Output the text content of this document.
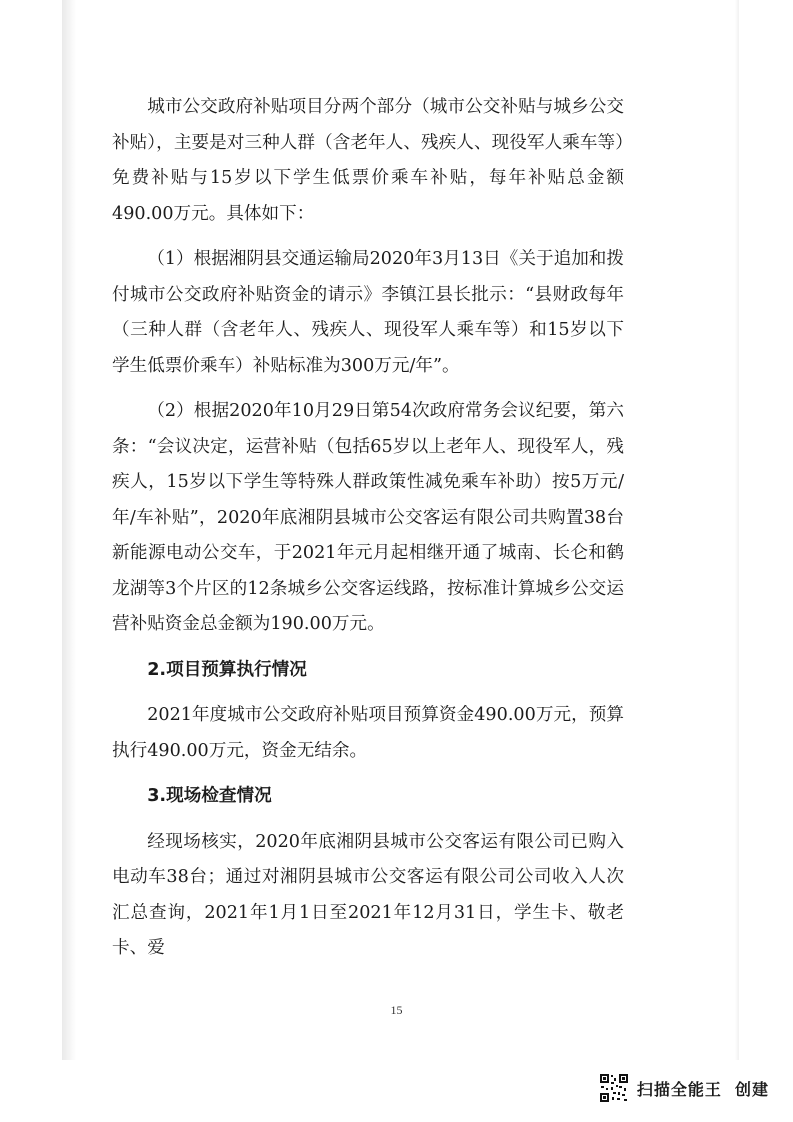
城市公交政府补贴项目分两个部分（城市公交补贴与城乡公交补贴），主要是对三种人群（含老年人、残疾人、现役军人乘车等）免费补贴与15岁以下学生低票价乘车补贴，每年补贴总金额490.00万元。具体如下：

（1）根据湘阴县交通运输局2020年3月13日《关于追加和拨付城市公交政府补贴资金的请示》李镇江县长批示：“县财政每年（三种人群（含老年人、残疾人、现役军人乘车等）和15岁以下学生低票价乘车）补贴标准为300万元/年”。

（2）根据2020年10月29日第54次政府常务会议纪要，第六条：“会议决定，运营补贴（包括65岁以上老年人、现役军人，残疾人，15岁以下学生等特殊人群政策性减免乘车补助）按5万元/年/车补贴”，2020年底湘阴县城市公交客运有限公司共购置38台新能源电动公交车，于2021年元月起相继开通了城南、长仑和鹤龙湖等3个片区的12条城乡公交客运线路，按标准计算城乡公交运营补贴资金总金额为190.00万元。

2.项目预算执行情况

2021年度城市公交政府补贴项目预算资金490.00万元，预算执行490.00万元，资金无结余。

3.现场检查情况

经现场核实，2020年底湘阴县城市公交客运有限公司已购入电动车38台；通过对湘阴县城市公交客运有限公司公司收入人次汇总查询，2021年1月1日至2021年12月31日，学生卡、敬老卡、爱

15
扫描全能王  创建
